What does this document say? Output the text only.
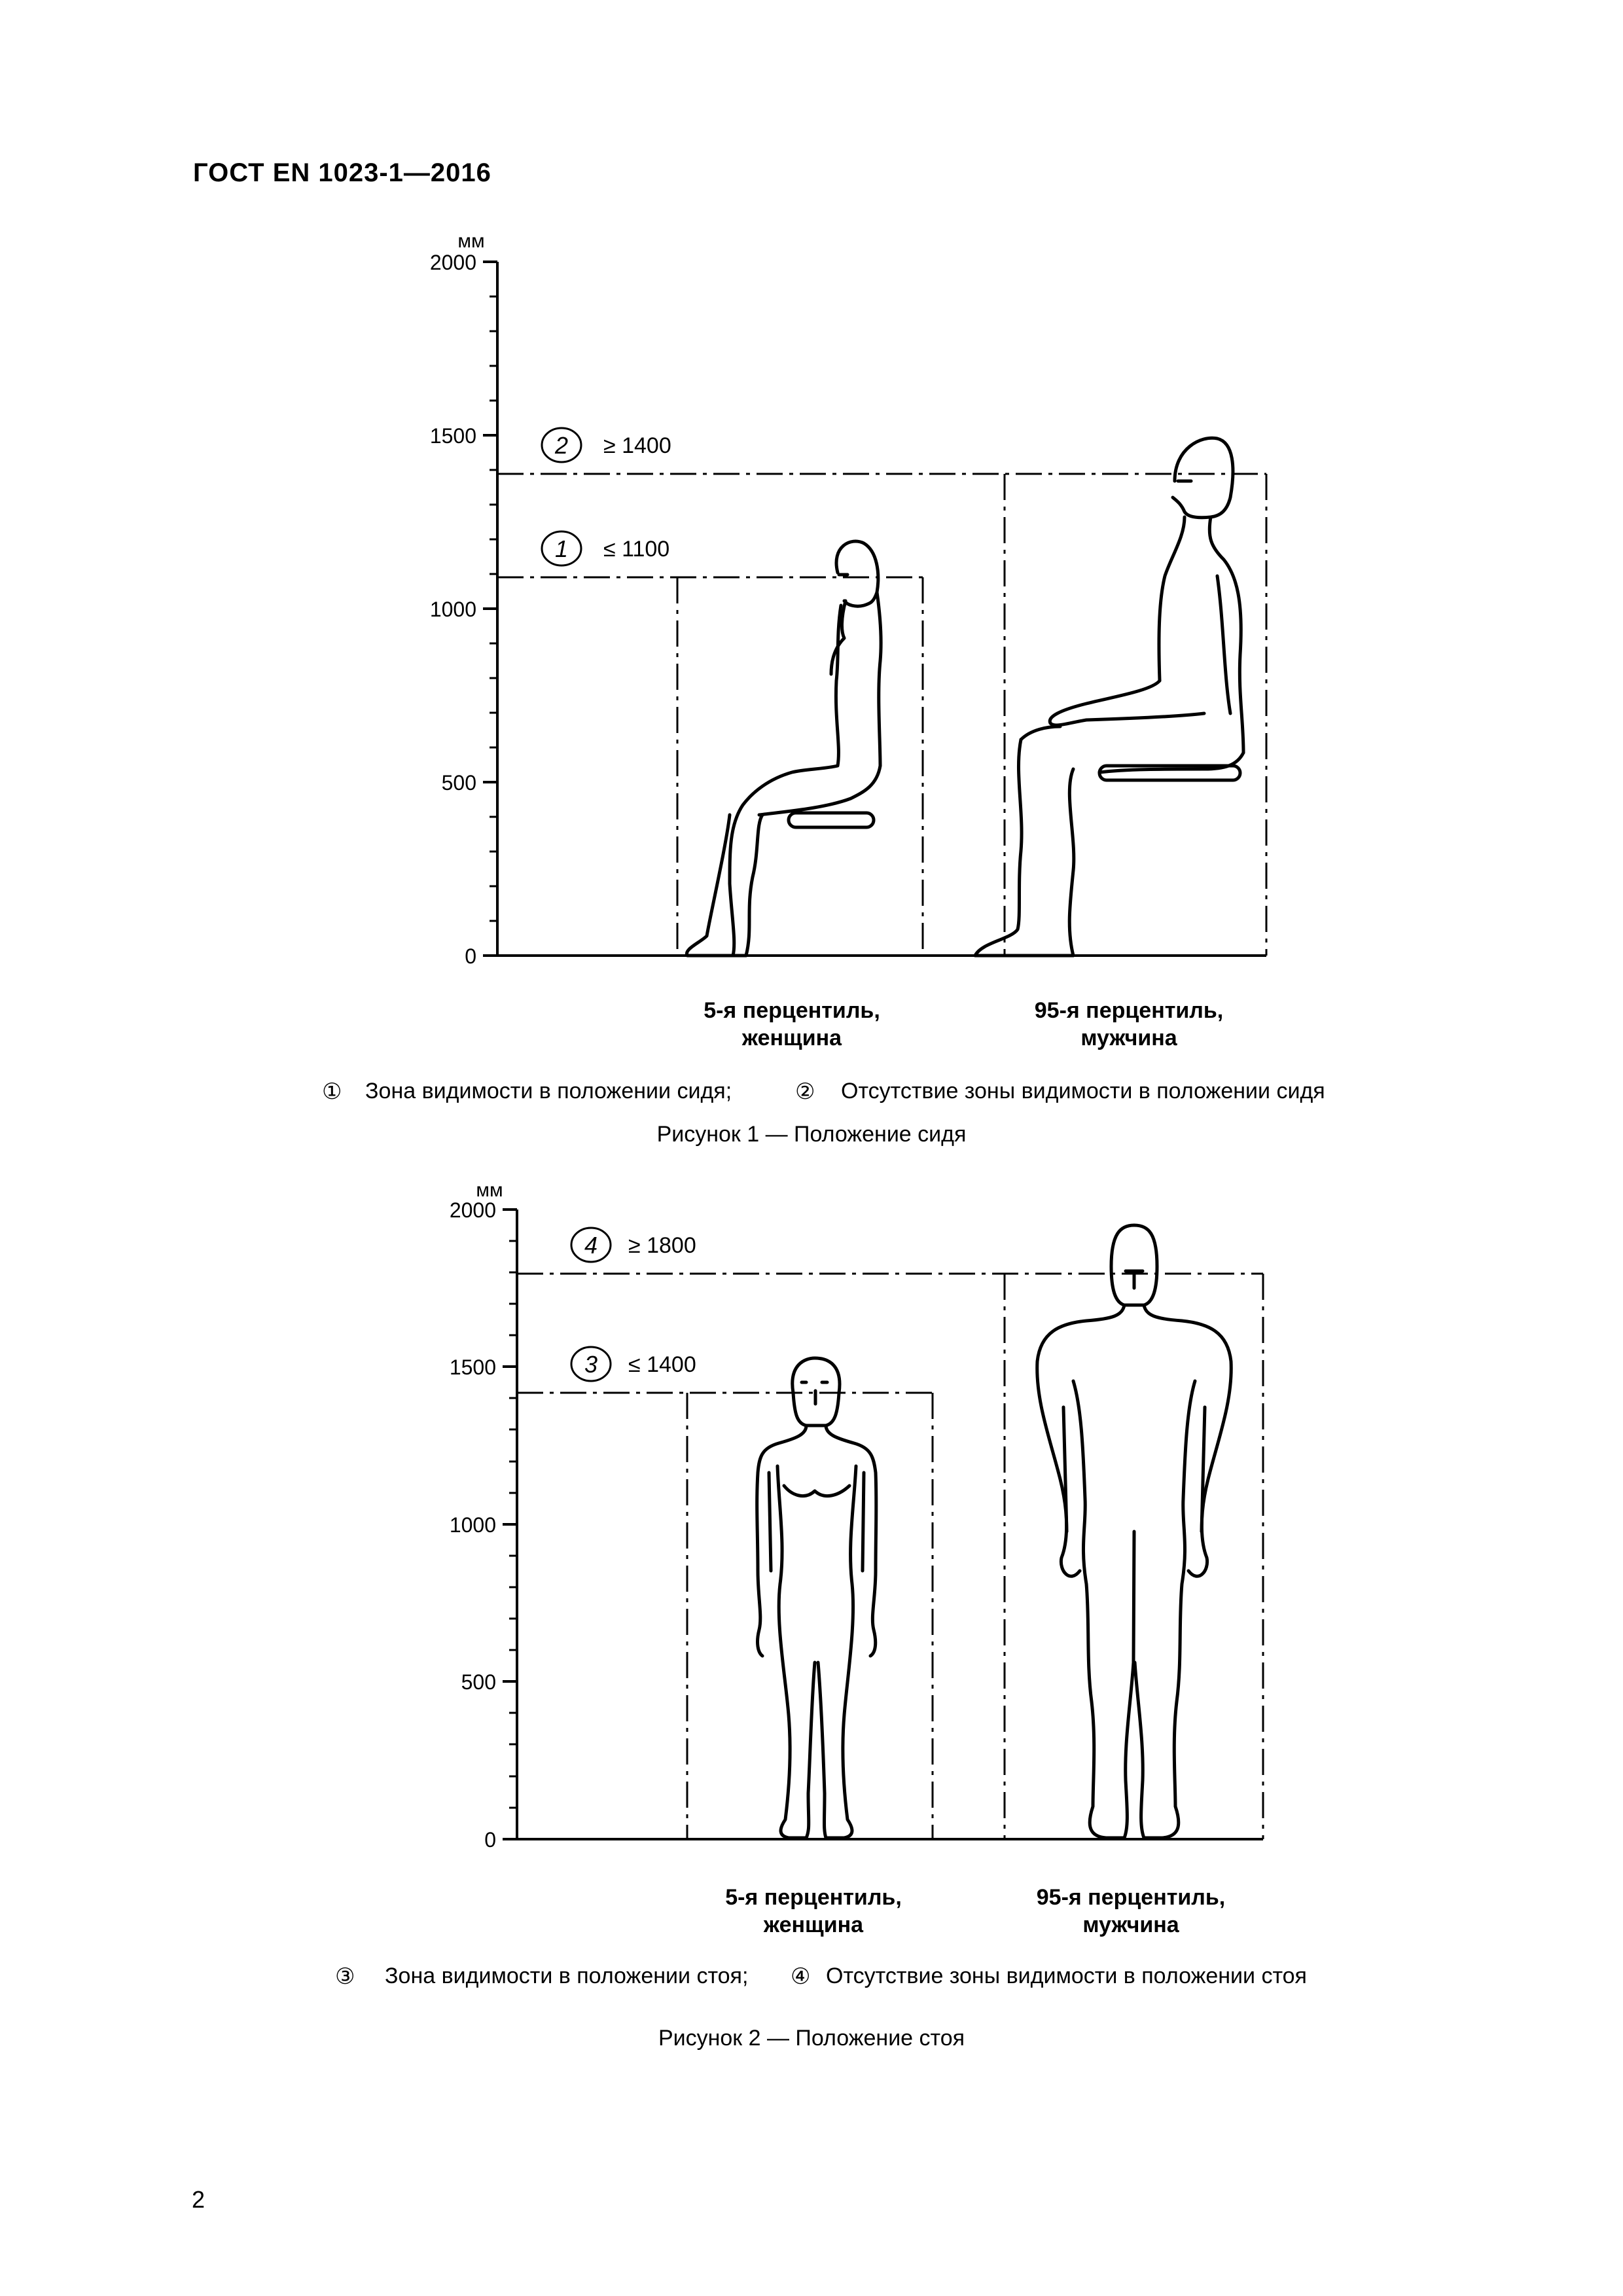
ГОСТ EN 1023-1—2016
мм
2000
1500
1000
500
0
2 ≥ 1400
1 ≤ 1100
5-я перцентиль,
женщина
95-я перцентиль,
мужчина
① Зона видимости в положении сидя;	② Отсутствие зоны видимости в положении сидя
Рисунок 1 — Положение сидя
мм
2000
1500
1000
500
0
4 ≥ 1800
3 ≤ 1400
5-я перцентиль,
женщина
95-я перцентиль,
мужчина
③ Зона видимости в положении стоя; ④ Отсутствие зоны видимости в положении стоя
Рисунок 2 — Положение стоя
2
